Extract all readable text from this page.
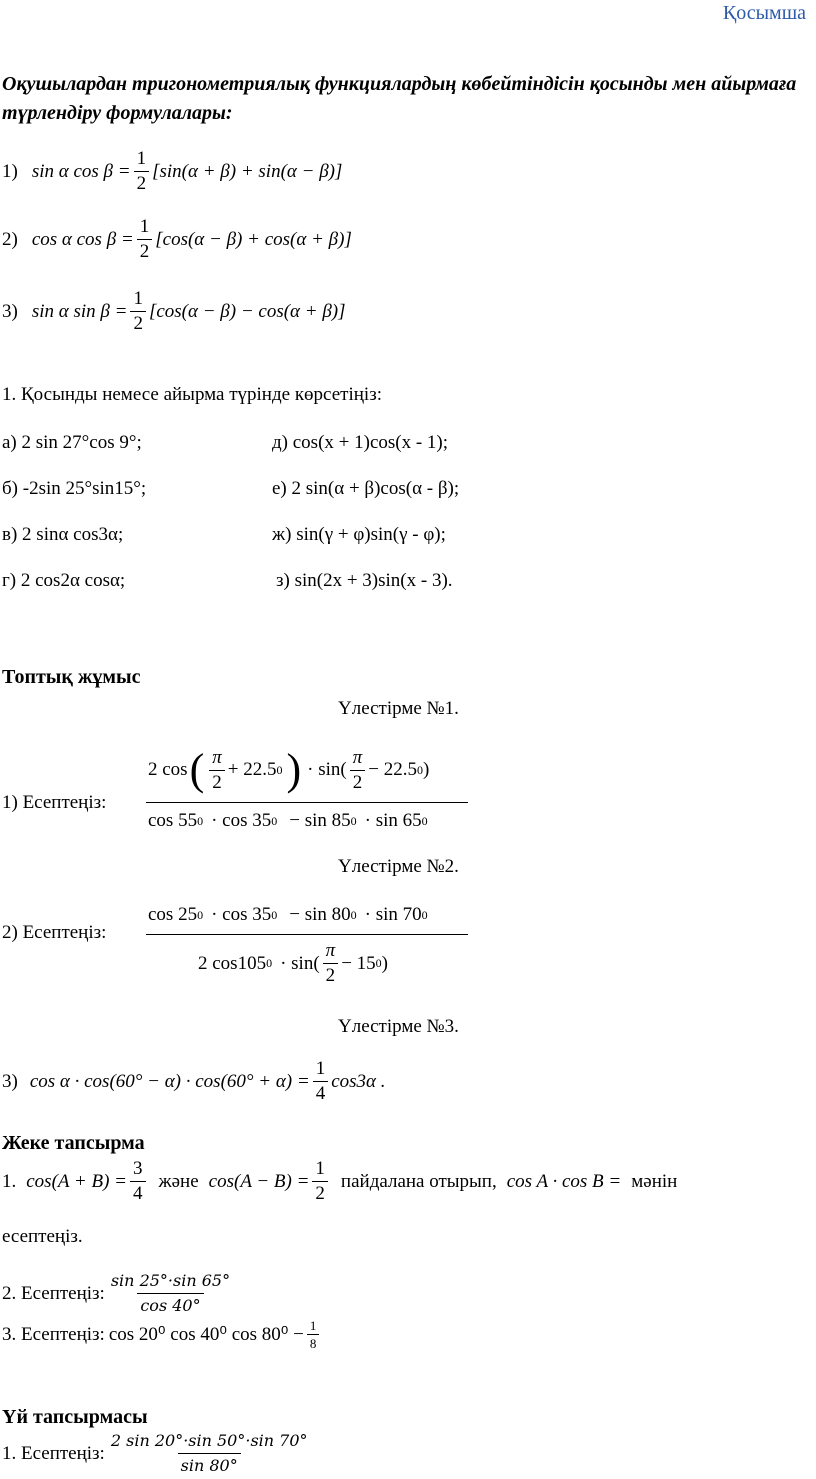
Қосымша
Оқушылардан тригонометриялық функциялардың көбейтіндісін қосынды мен айырмаға түрлендіру формулалары:
1) sin α $\cos \beta = \frac{1}{2} [\sin(\alpha + \beta) + \sin(\alpha - \beta)]$
2) cos α $\cos \beta = \frac{1}{2} [\cos(\alpha - \beta) + \cos(\alpha + \beta)]$
3) sin α $\sin \beta = \frac{1}{2} [\cos(\alpha - \beta) - \cos(\alpha + \beta)]$
1. Қосынды немесе айырма түрінде көрсетіңіз:
а) 2 sin 27°cos 9°;	д) cos(x + 1)cos(x - 1);
б) -2sin 25°sin15°;	е) 2 sin(α + β)cos(α - β);
в) 2 sinα cos3α;	ж) sin(γ + φ)sin(γ - φ);
г) 2 cos2α cosα;	з) sin(2x + 3)sin(x - 3).
Топтық жұмыс
Үлестірме №1.
1) Есептеңіз:
2 cos ( $\frac{\pi}{2} + 22.5$ 0 ) · $\sin( \frac{\pi}{2} - 22.5$ 0 )
cos 55 0 · cos 35 0 − sin 85 0 · sin 65 0
Үлестірме №2.
2) Есептеңіз:
cos 25 0 · cos 35 0 − sin 80 0 · sin 70 0
2 cos105 $0 \cdot \sin( \frac{\pi}{2} - 15$ 0 )
Үлестірме №3.
3) $\cos \alpha \cdot \cos(60^\circ - \alpha) \cdot \cos(60^\circ + \alpha) = \frac{1}{4} \cos 3\alpha$ .
Жеке тапсырма
1. $\cos(A + B) = \frac{3}{4}$ және $\cos(A - B) = \frac{1}{2}$ пайдалана отырып, cos A · cos B = мәнін
есептеңіз.
2. Есептеңіз: $\frac{\sin 25^\circ\cdot\sin 65^\circ}{\cos 40^\circ}$
3. Есептеңіз: cos 20⁰ cos 40⁰ $\cos 80^0 - \frac{1}{8}$
Үй тапсырмасы
1. Есептеңіз: $\frac{2 \sin 20^\circ\cdot\sin 50^\circ\cdot\sin 70^\circ}{\sin 80^\circ}$
